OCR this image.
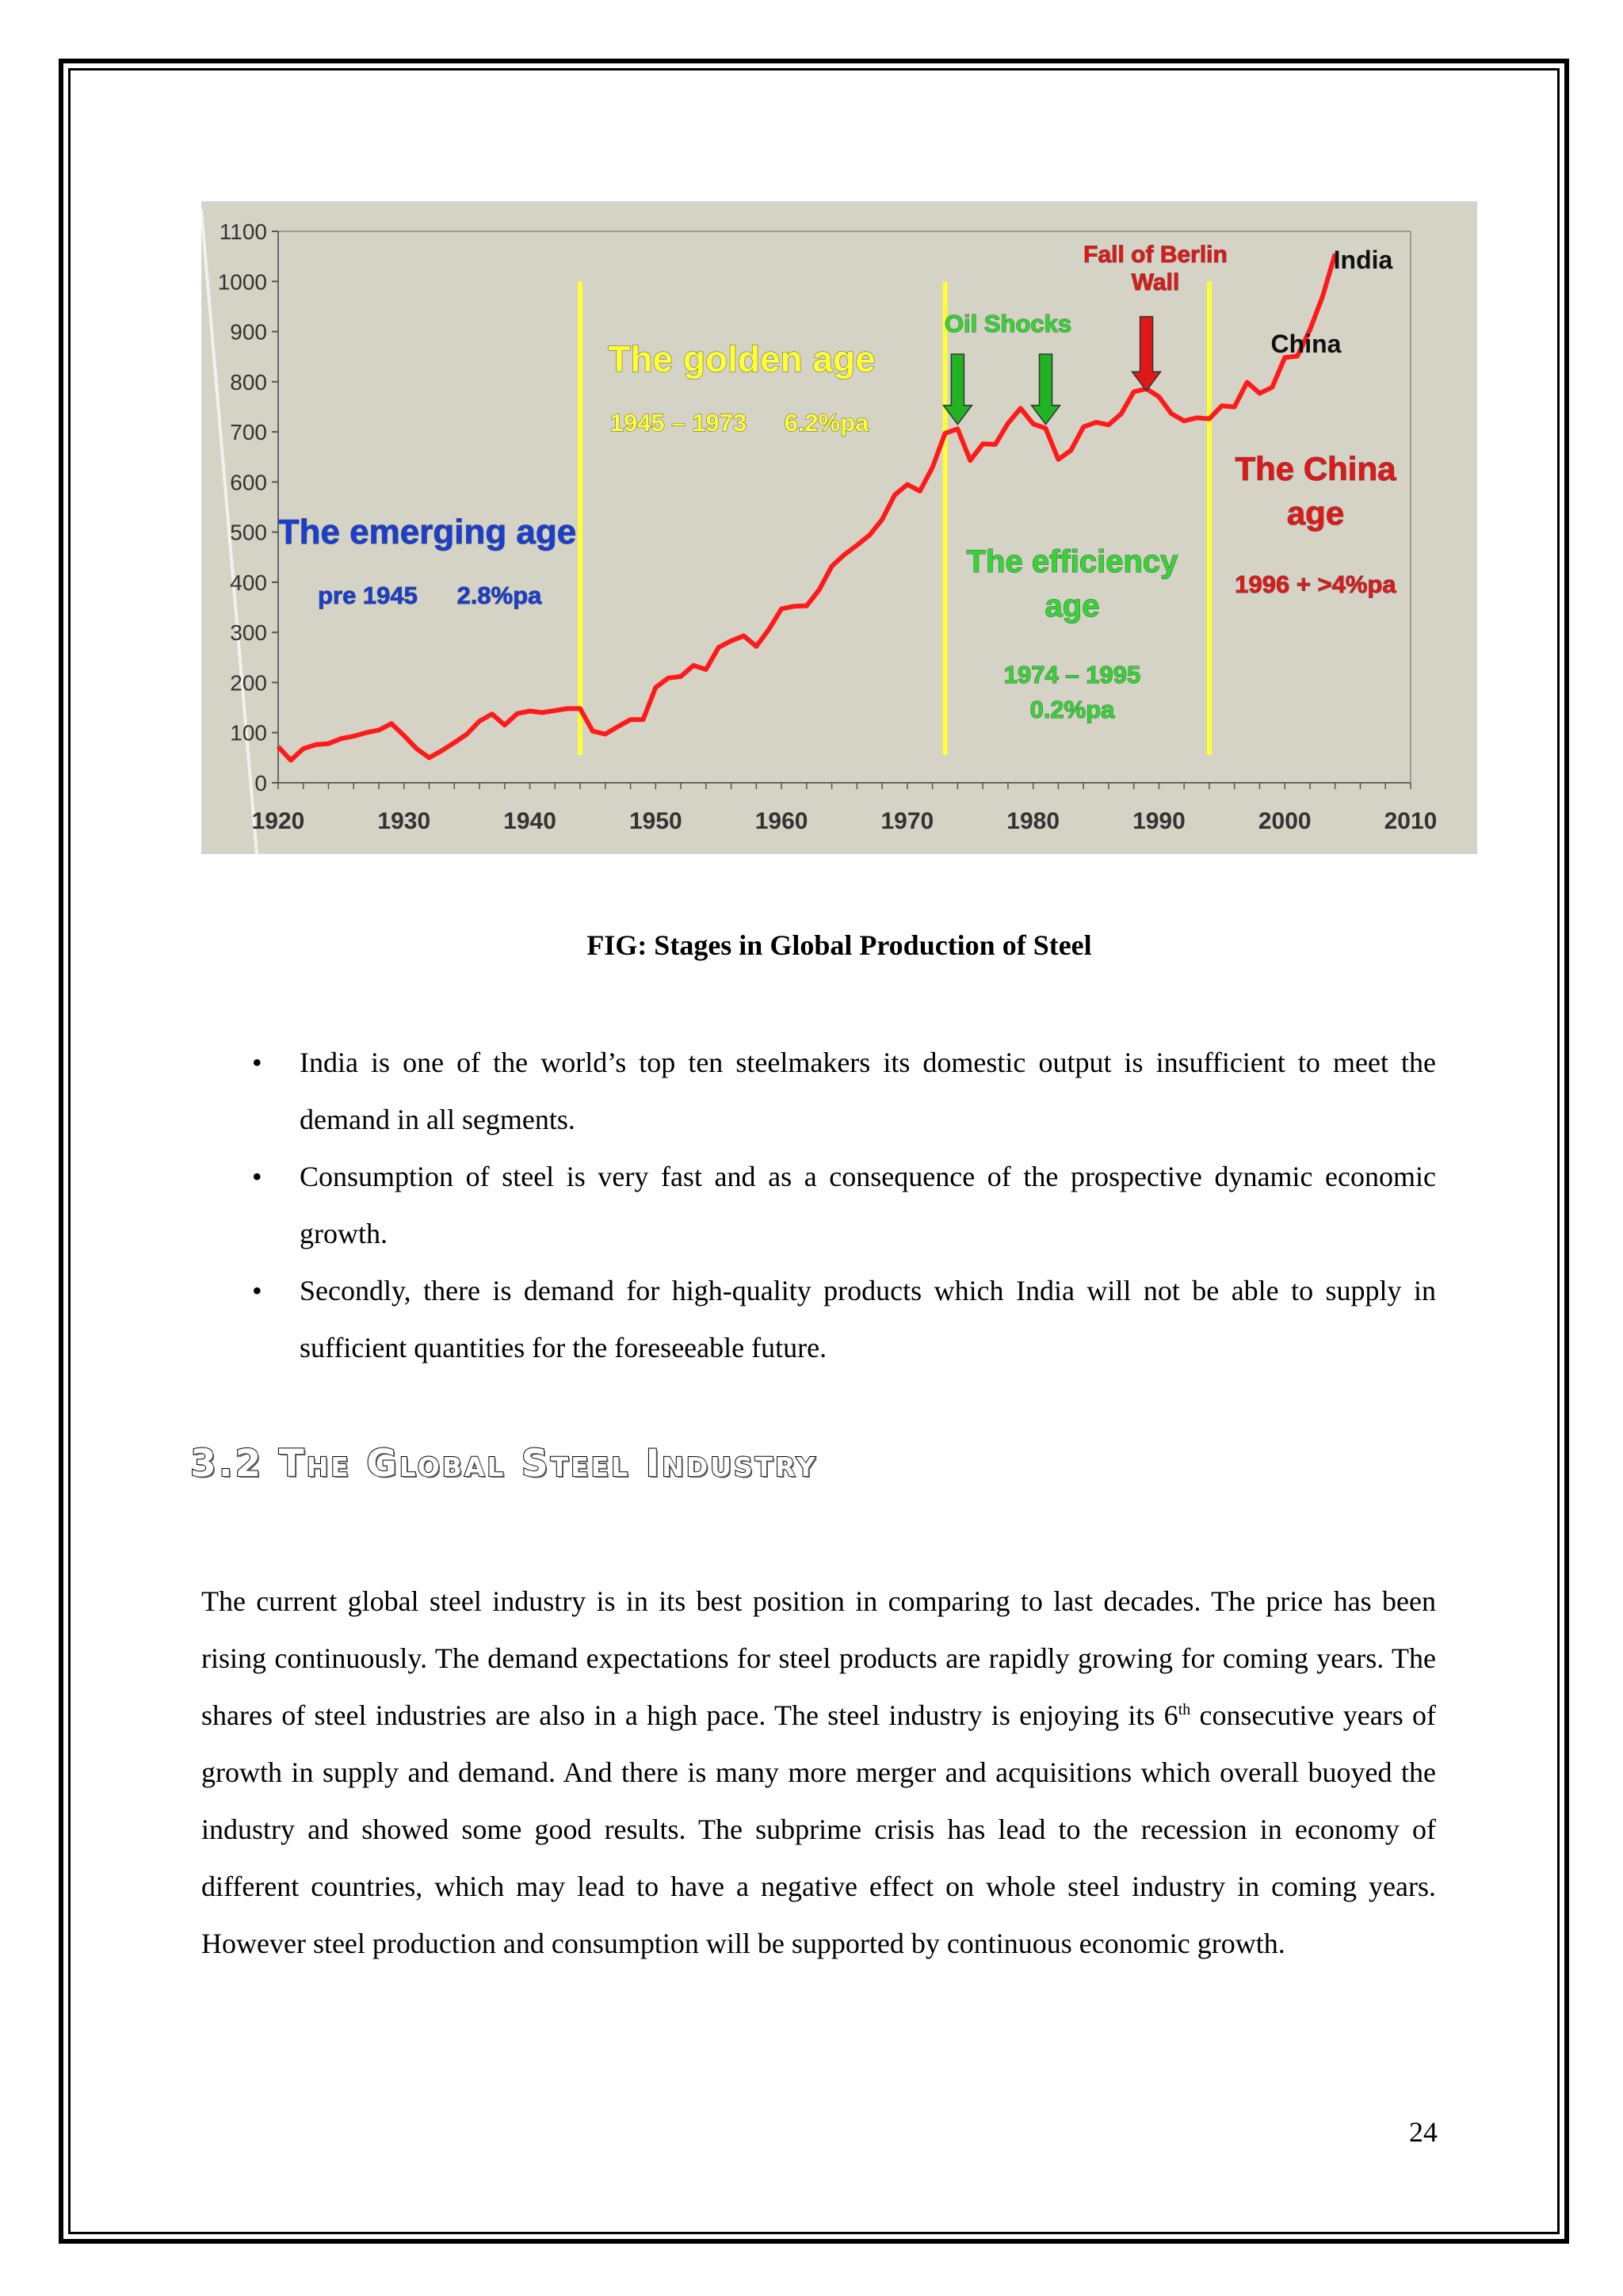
0
100
200
300
400
500
600
700
800
900
1000
1100
1920	1930	1940	1950	1960	1970	1980	1990	2000	2010
The emerging age
pre 1945 2.8%pa
The golden age
1945 – 1973 6.2%pa
The efficiency
age
1974 – 1995
0.2%pa
The China
age
1996 + >4%pa
Oil Shocks
Fall of Berlin
Wall
China
India
FIG: Stages in Global Production of Steel
• India is one of the world’s top ten steelmakers its domestic output is insufficient to meet the demand in all segments.
• Consumption of steel is very fast and as a consequence of the prospective dynamic economic growth.
• Secondly, there is demand for high-quality products which India will not be able to supply in sufficient quantities for the foreseeable future.
3.2 The Global Steel Industry

The current global steel industry is in its best position in comparing to last decades. The price has been rising continuously. The demand expectations for steel products are rapidly growing for coming years. The shares of steel industries are also in a high pace. The steel industry is enjoying its 6th consecutive years of growth in supply and demand. And there is many more merger and acquisitions which overall buoyed the industry and showed some good results. The subprime crisis has lead to the recession in economy of different countries, which may lead to have a negative effect on whole steel industry in coming years. However steel production and consumption will be supported by continuous economic growth.

24
